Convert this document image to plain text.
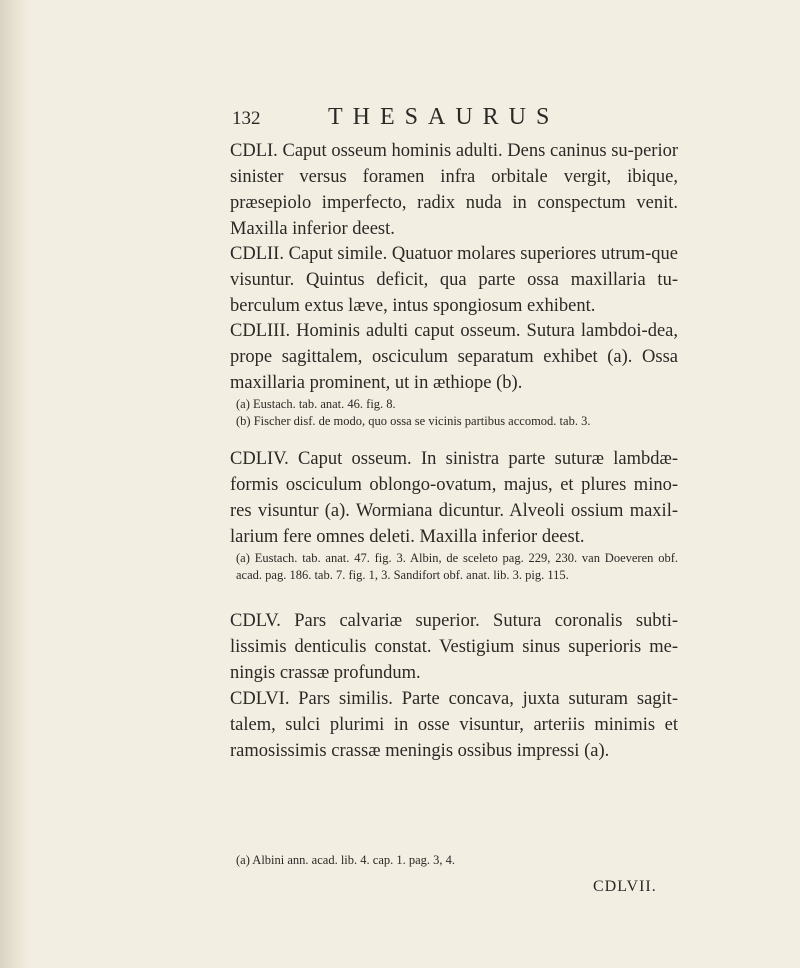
132	THESAURUS

CDLI. Caput osseum hominis adulti. Dens caninus su-perior sinister versus foramen infra orbitale vergit, ibique, præsepiolo imperfecto, radix nuda in conspectum venit. Maxilla inferior deest.

CDLII. Caput simile. Quatuor molares superiores utrum-que visuntur. Quintus deficit, qua parte ossa maxillaria tu-berculum extus læve, intus spongiosum exhibent.

CDLIII. Hominis adulti caput osseum. Sutura lambdoi-dea, prope sagittalem, osciculum separatum exhibet (a). Ossa maxillaria prominent, ut in æthiope (b).

(a) Eustach. tab. anat. 46. fig. 8.

(b) Fischer disf. de modo, quo ossa se vicinis partibus accomod. tab. 3.

CDLIV. Caput osseum. In sinistra parte suturæ lambdæ-formis osciculum oblongo-ovatum, majus, et plures mino-res visuntur (a). Wormiana dicuntur. Alveoli ossium maxil-larium fere omnes deleti. Maxilla inferior deest.

(a) Eustach. tab. anat. 47. fig. 3. Albin, de sceleto pag. 229, 230. van Doeveren obf. acad. pag. 186. tab. 7. fig. 1, 3. Sandifort obf. anat. lib. 3. pig. 115.

CDLV. Pars calvariæ superior. Sutura coronalis subti-lissimis denticulis constat. Vestigium sinus superioris me-ningis crassæ profundum.

CDLVI. Pars similis. Parte concava, juxta suturam sagit-talem, sulci plurimi in osse visuntur, arteriis minimis et ramosissimis crassæ meningis ossibus impressi (a).

(a) Albini ann. acad. lib. 4. cap. 1. pag. 3, 4.

CDLVII.
